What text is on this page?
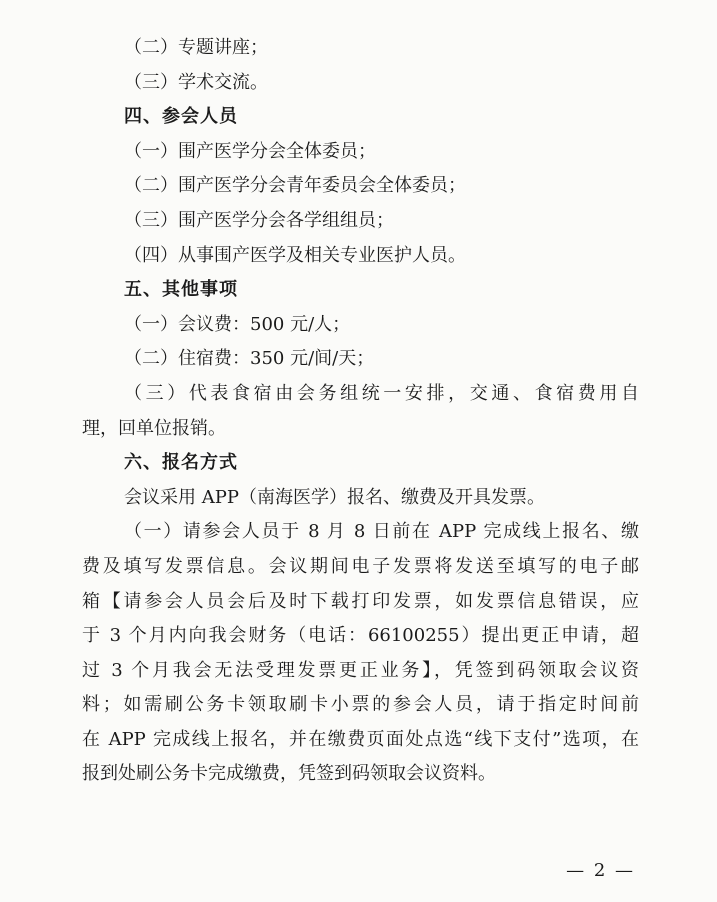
（二）专题讲座；

（三）学术交流。

四、参会人员

（一）围产医学分会全体委员；

（二）围产医学分会青年委员会全体委员；

（三）围产医学分会各学组组员；

（四）从事围产医学及相关专业医护人员。

五、其他事项

（一）会议费：500 元/人；

（二）住宿费：350 元/间/天；

（三）代表食宿由会务组统一安排，交通、食宿费用自

理，回单位报销。

六、报名方式

会议采用 APP（南海医学）报名、缴费及开具发票。

（一）请参会人员于 8 月 8 日前在 APP 完成线上报名、缴

费及填写发票信息。会议期间电子发票将发送至填写的电子邮

箱【请参会人员会后及时下载打印发票，如发票信息错误，应

于 3 个月内向我会财务（电话：66100255）提出更正申请，超

过 3 个月我会无法受理发票更正业务】，凭签到码领取会议资

料；如需刷公务卡领取刷卡小票的参会人员，请于指定时间前

在 APP 完成线上报名，并在缴费页面处点选“线下支付”选项，在

报到处刷公务卡完成缴费，凭签到码领取会议资料。

— 2 —
